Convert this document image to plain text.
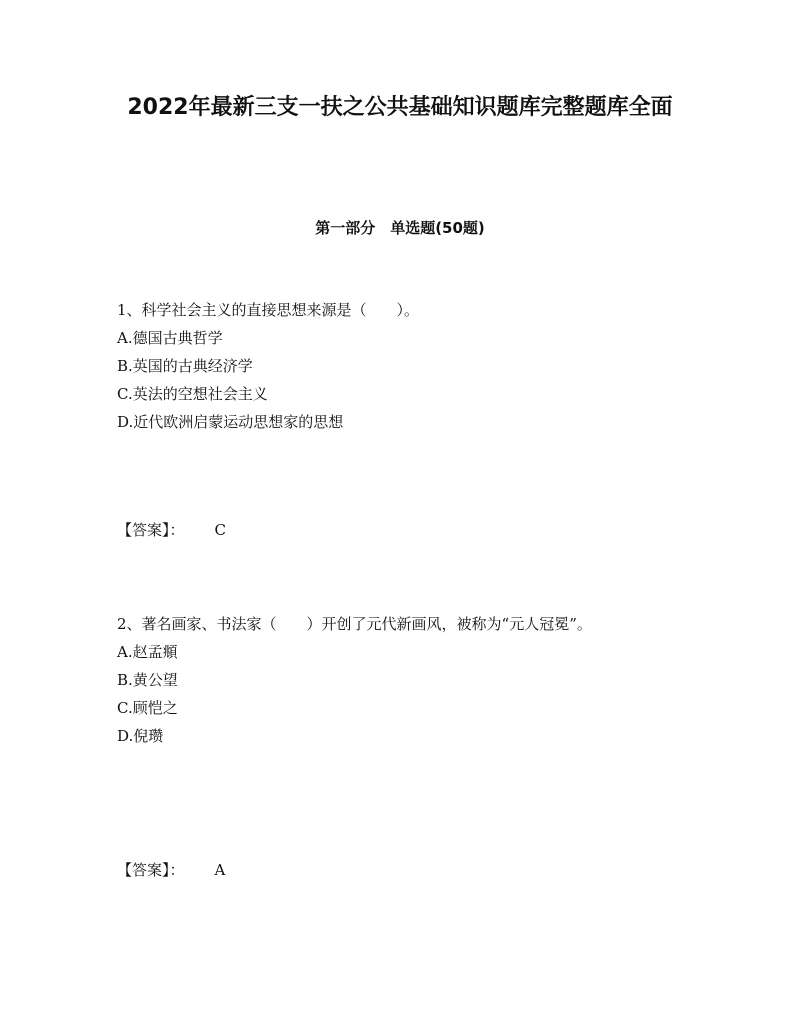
2022年最新三支一扶之公共基础知识题库完整题库全面
第一部分　单选题(50题)

1、科学社会主义的直接思想来源是（　　）。

A.德国古典哲学

B.英国的古典经济学

C.英法的空想社会主义

D.近代欧洲启蒙运动思想家的思想

【答案】： C

2、著名画家、书法家（　　）开创了元代新画风，被称为“元人冠冕”。

A.赵孟頫

B.黄公望

C.顾恺之

D.倪瓒

【答案】： A
